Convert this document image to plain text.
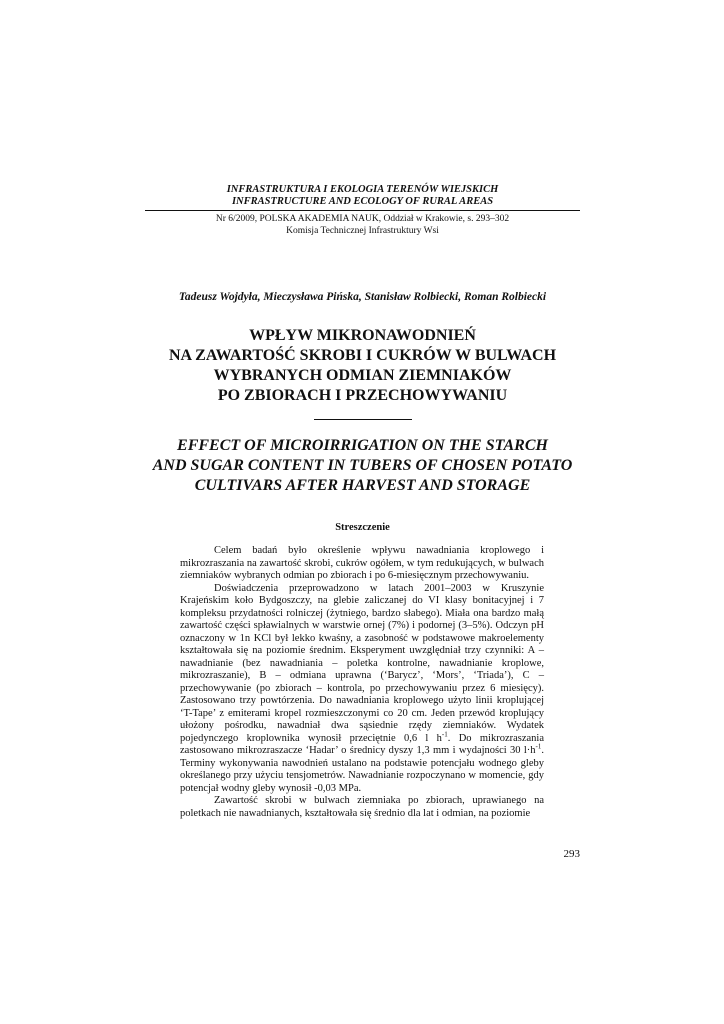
INFRASTRUKTURA I EKOLOGIA TERENÓW WIEJSKICH
INFRASTRUCTURE AND ECOLOGY OF RURAL AREAS
Nr 6/2009, POLSKA AKADEMIA NAUK, Oddział w Krakowie, s. 293–302
Komisja Technicznej Infrastruktury Wsi
Tadeusz Wojdyła, Mieczysława Pińska, Stanisław Rolbiecki, Roman Rolbiecki
WPŁYW MIKRONAWODNIEŃ
NA ZAWARTOŚĆ SKROBI I CUKRÓW W BULWACH
WYBRANYCH ODMIAN ZIEMNIAKÓW
PO ZBIORACH I PRZECHOWYWANIU
EFFECT OF MICROIRRIGATION ON THE STARCH
AND SUGAR CONTENT IN TUBERS OF CHOSEN POTATO
CULTIVARS AFTER HARVEST AND STORAGE
Streszczenie

Celem badań było określenie wpływu nawadniania kroplowego i mikrozraszania na zawartość skrobi, cukrów ogółem, w tym redukujących, w bulwach ziemniaków wybranych odmian po zbiorach i po 6-miesięcznym przechowywaniu.

Doświadczenia przeprowadzono w latach 2001–2003 w Kruszynie Krajeńskim koło Bydgoszczy, na glebie zaliczanej do VI klasy bonitacyjnej i 7 kompleksu przydatności rolniczej (żytniego, bardzo słabego). Miała ona bardzo małą zawartość części spławialnych w warstwie ornej (7%) i podornej (3–5%). Odczyn pH oznaczony w 1n KCl był lekko kwaśny, a zasobność w podstawowe makroelementy kształtowała się na poziomie średnim. Eksperyment uwzględniał trzy czynniki: A – nawadnianie (bez nawadniania – poletka kontrolne, nawadnianie kroplowe, mikrozraszanie), B – odmiana uprawna (‘Barycz’, ‘Mors’, ‘Triada’), C – przechowywanie (po zbiorach – kontrola, po przechowywaniu przez 6 miesięcy). Zastosowano trzy powtórzenia. Do nawadniania kroplowego użyto linii kroplującej ‘T-Tape’ z emiterami kropel rozmieszczonymi co 20 cm. Jeden przewód kroplujący ułożony pośrodku, nawadniał dwa sąsiednie rzędy ziemniaków. Wydatek pojedynczego kroplownika wynosił przeciętnie 0,6 l $h^{-1}$. Do mikrozraszania zastosowano mikrozraszacze ‘Hadar’ o średnicy dyszy 1,3 mm i wydajności 30 $l\cdot h^{-1}$. Terminy wykonywania nawodnień ustalano na podstawie potencjału wodnego gleby określanego przy użyciu tensjometrów. Nawadnianie rozpoczynano w momencie, gdy potencjał wodny gleby wynosił -0,03 MPa.

Zawartość skrobi w bulwach ziemniaka po zbiorach, uprawianego na poletkach nie nawadnianych, kształtowała się średnio dla lat i odmian, na poziomie

293
